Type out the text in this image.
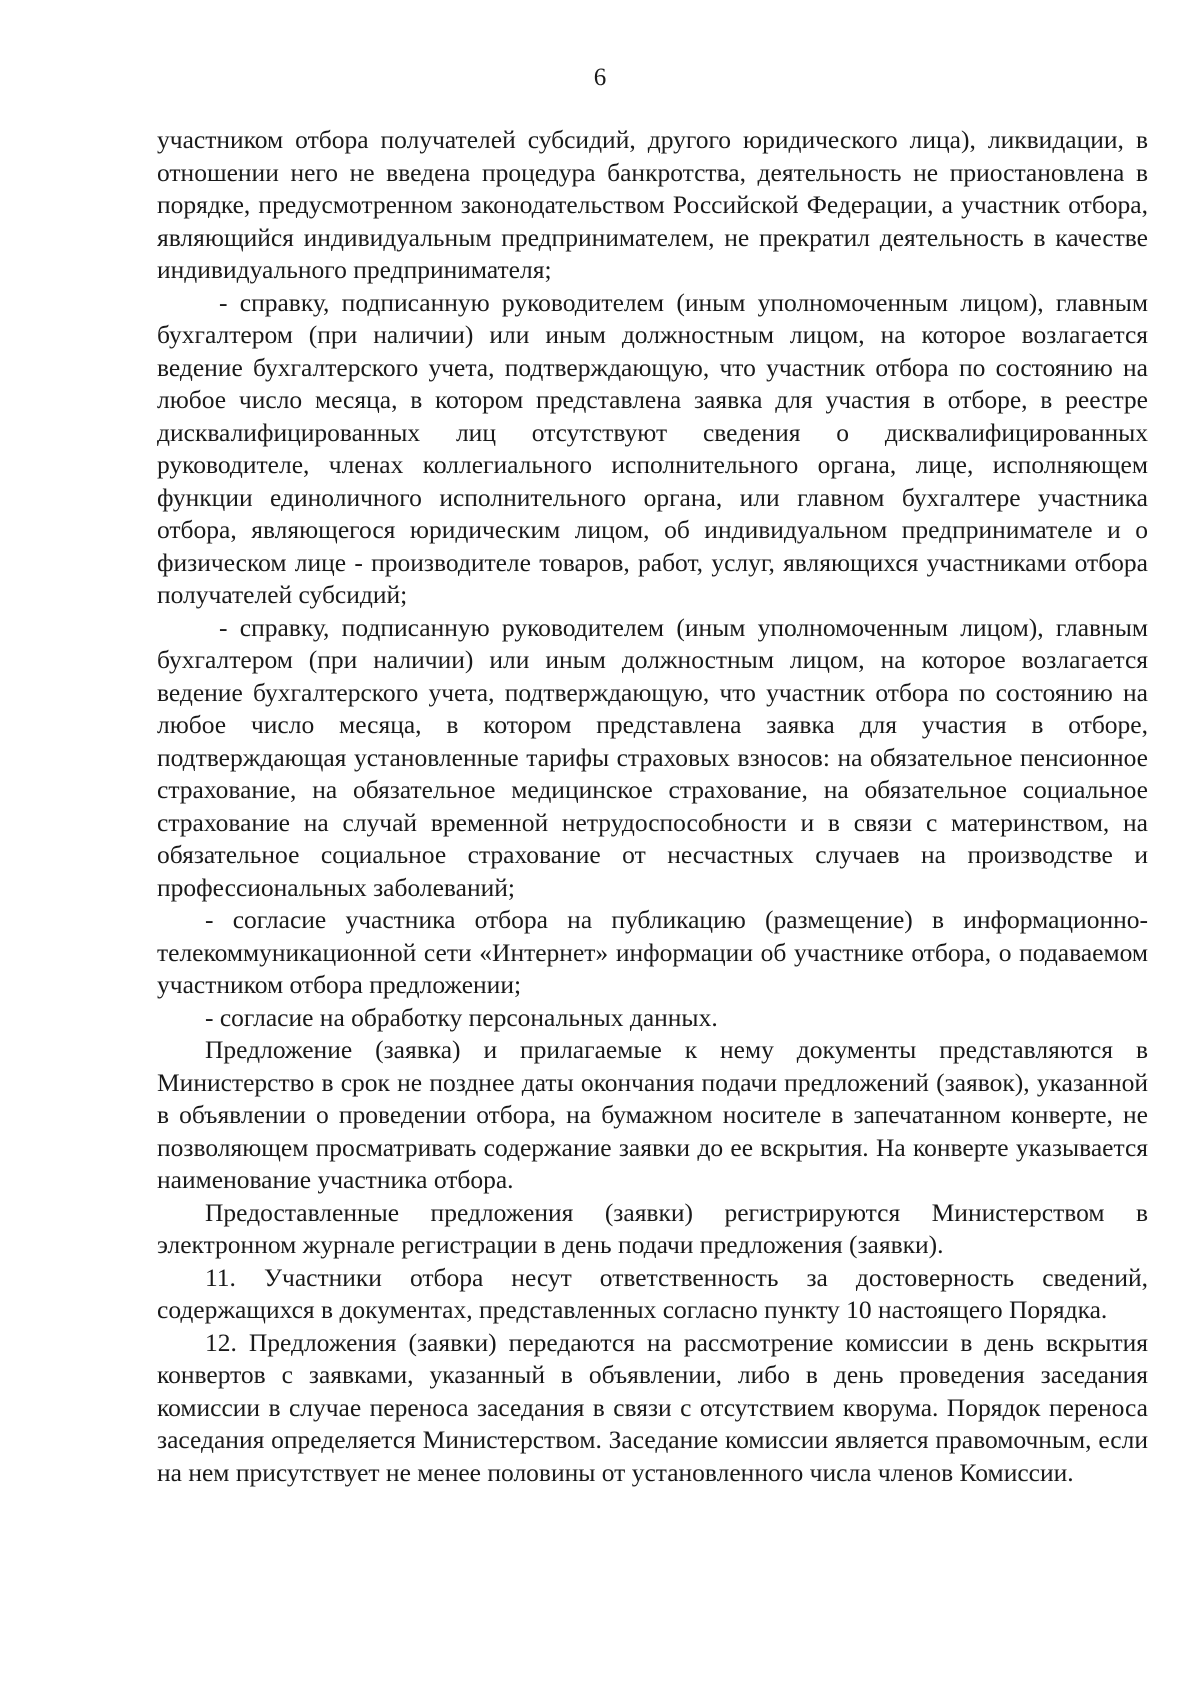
6

участником отбора получателей субсидий, другого юридического лица), ликвидации, в отношении него не введена процедура банкротства, деятельность не приостановлена в порядке, предусмотренном законодательством Российской Федерации, а участник отбора, являющийся индивидуальным предпринимателем, не прекратил деятельность в качестве индивидуального предпринимателя;

- справку, подписанную руководителем (иным уполномоченным лицом), главным бухгалтером (при наличии) или иным должностным лицом, на которое возлагается ведение бухгалтерского учета, подтверждающую, что участник отбора по состоянию на любое число месяца, в котором представлена заявка для участия в отборе, в реестре дисквалифицированных лиц отсутствуют сведения о дисквалифицированных руководителе, членах коллегиального исполнительного органа, лице, исполняющем функции единоличного исполнительного органа, или главном бухгалтере участника отбора, являющегося юридическим лицом, об индивидуальном предпринимателе и о физическом лице - производителе товаров, работ, услуг, являющихся участниками отбора получателей субсидий;

- справку, подписанную руководителем (иным уполномоченным лицом), главным бухгалтером (при наличии) или иным должностным лицом, на которое возлагается ведение бухгалтерского учета, подтверждающую, что участник отбора по состоянию на любое число месяца, в котором представлена заявка для участия в отборе, подтверждающая установленные тарифы страховых взносов: на обязательное пенсионное страхование, на обязательное медицинское страхование, на обязательное социальное страхование на случай временной нетрудоспособности и в связи с материнством, на обязательное социальное страхование от несчастных случаев на производстве и профессиональных заболеваний;

- согласие участника отбора на публикацию (размещение) в информационно-телекоммуникационной сети «Интернет» информации об участнике отбора, о подаваемом участником отбора предложении;

- согласие на обработку персональных данных.

Предложение (заявка) и прилагаемые к нему документы представляются в Министерство в срок не позднее даты окончания подачи предложений (заявок), указанной в объявлении о проведении отбора, на бумажном носителе в запечатанном конверте, не позволяющем просматривать содержание заявки до ее вскрытия. На конверте указывается наименование участника отбора.

Предоставленные предложения (заявки) регистрируются Министерством в электронном журнале регистрации в день подачи предложения (заявки).

11. Участники отбора несут ответственность за достоверность сведений, содержащихся в документах, представленных согласно пункту 10 настоящего Порядка.

12. Предложения (заявки) передаются на рассмотрение комиссии в день вскрытия конвертов с заявками, указанный в объявлении, либо в день проведения заседания комиссии в случае переноса заседания в связи с отсутствием кворума. Порядок переноса заседания определяется Министерством. Заседание комиссии является правомочным, если на нем присутствует не менее половины от установленного числа членов Комиссии.
